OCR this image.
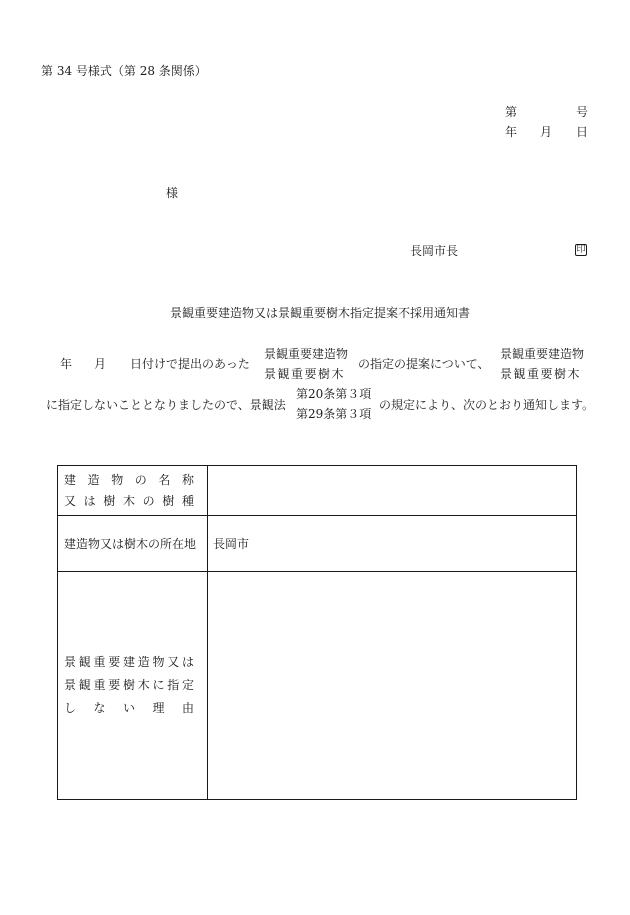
第 34 号様式（第 28 条関係）
第	号
年 月 日
様
長岡市長	印
景観重要建造物又は景観重要樹木指定提案不採用通知書
年 月 日付けで提出のあった
景観重要建造物
景観重要樹木
の指定の提案について、
景観重要建造物
景観重要樹木
に指定しないこととなりましたので、景観法
第20条第３項
第29条第３項
の規定により、次のとおり通知します。
建造物の名称
又は樹木の樹種	

建造物又は樹木の所在地	長岡市

景観重要建造物又は
景観重要樹木に指定
しない理由	
